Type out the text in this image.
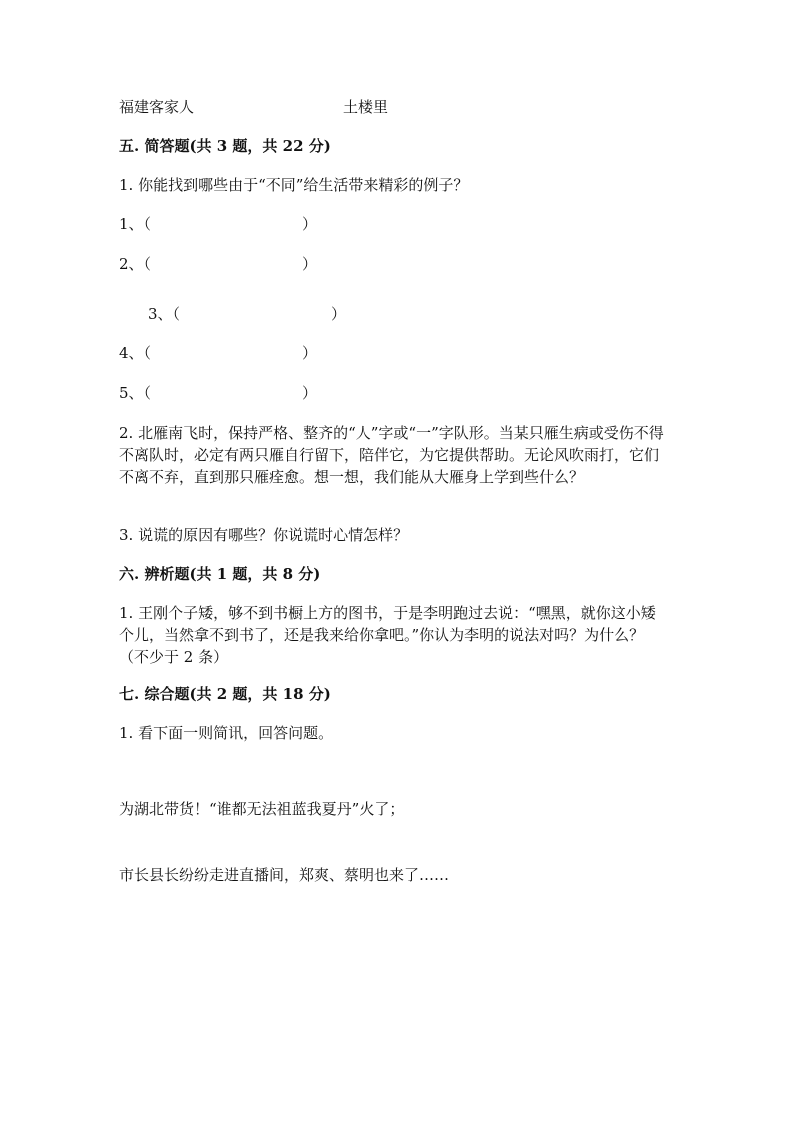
福建客家人	土楼里
五. 简答题(共 3 题，共 22 分)
1. 你能找到哪些由于“不同”给生活带来精彩的例子？
1、（	）
2、（	）
3、（	）
4、（	）
5、（	）
2. 北雁南飞时，保持严格、整齐的“人”字或“一”字队形。当某只雁生病或受伤不得不离队时，必定有两只雁自行留下，陪伴它，为它提供帮助。无论风吹雨打，它们不离不弃，直到那只雁痊愈。想一想，我们能从大雁身上学到些什么？
3. 说谎的原因有哪些？你说谎时心情怎样？
六. 辨析题(共 1 题，共 8 分)
1. 王刚个子矮，够不到书橱上方的图书，于是李明跑过去说：“嘿黑，就你这小矮个儿，当然拿不到书了，还是我来给你拿吧。”你认为李明的说法对吗？为什么？（不少于 2 条）
七. 综合题(共 2 题，共 18 分)
1. 看下面一则简讯，回答问题。
为湖北带货！“谁都无法祖蓝我夏丹”火了；
市长县长纷纷走进直播间，郑爽、蔡明也来了……
